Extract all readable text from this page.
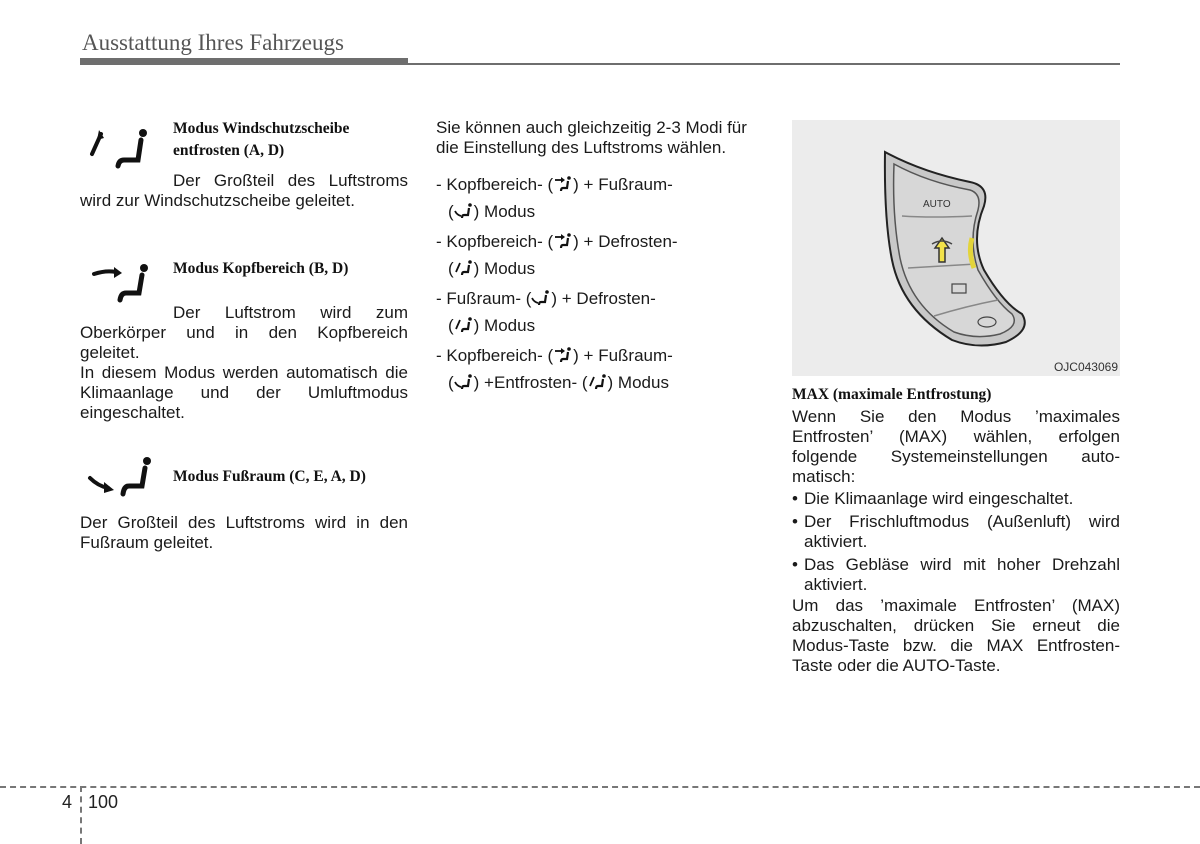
Ausstattung Ihres Fahrzeugs
Modus Windschutzscheibe
entfrosten (A, D)
Der Großteil des Luftstroms
wird zur Windschutzscheibe geleitet.
Modus Kopfbereich (B, D)
Der Luftstrom wird zum
Oberkörper und in den Kopfbereich geleitet.
In diesem Modus werden automatisch die Klimaanlage und der Umluftmodus eingeschaltet.
Modus Fußraum (C, E, A, D)
Der Großteil des Luftstroms wird in den Fußraum geleitet.
Sie können auch gleichzeitig 2-3 Modi für die Einstellung des Luftstroms wählen.
- Kopfbereich- ( ) + Fußraum-
( ) Modus
- Kopfbereich- ( ) + Defrosten-
( ) Modus
- Fußraum- ( ) + Defrosten-
( ) Modus
- Kopfbereich- ( ) + Fußraum-
( ) +Entfrosten- ( ) Modus
AUTO
OJC043069
MAX (maximale Entfrostung)
Wenn Sie den Modus ’maximales Entfrosten’ (MAX) wählen, erfolgen folgende Systemeinstellungen auto-matisch:
• Die Klimaanlage wird eingeschaltet.
• Der Frischluftmodus (Außenluft) wird aktiviert.
• Das Gebläse wird mit hoher Drehzahl aktiviert.
Um das ’maximale Entfrosten’ (MAX) abzuschalten, drücken Sie erneut die Modus-Taste bzw. die MAX Entfrosten-Taste oder die AUTO-Taste.
4 100
